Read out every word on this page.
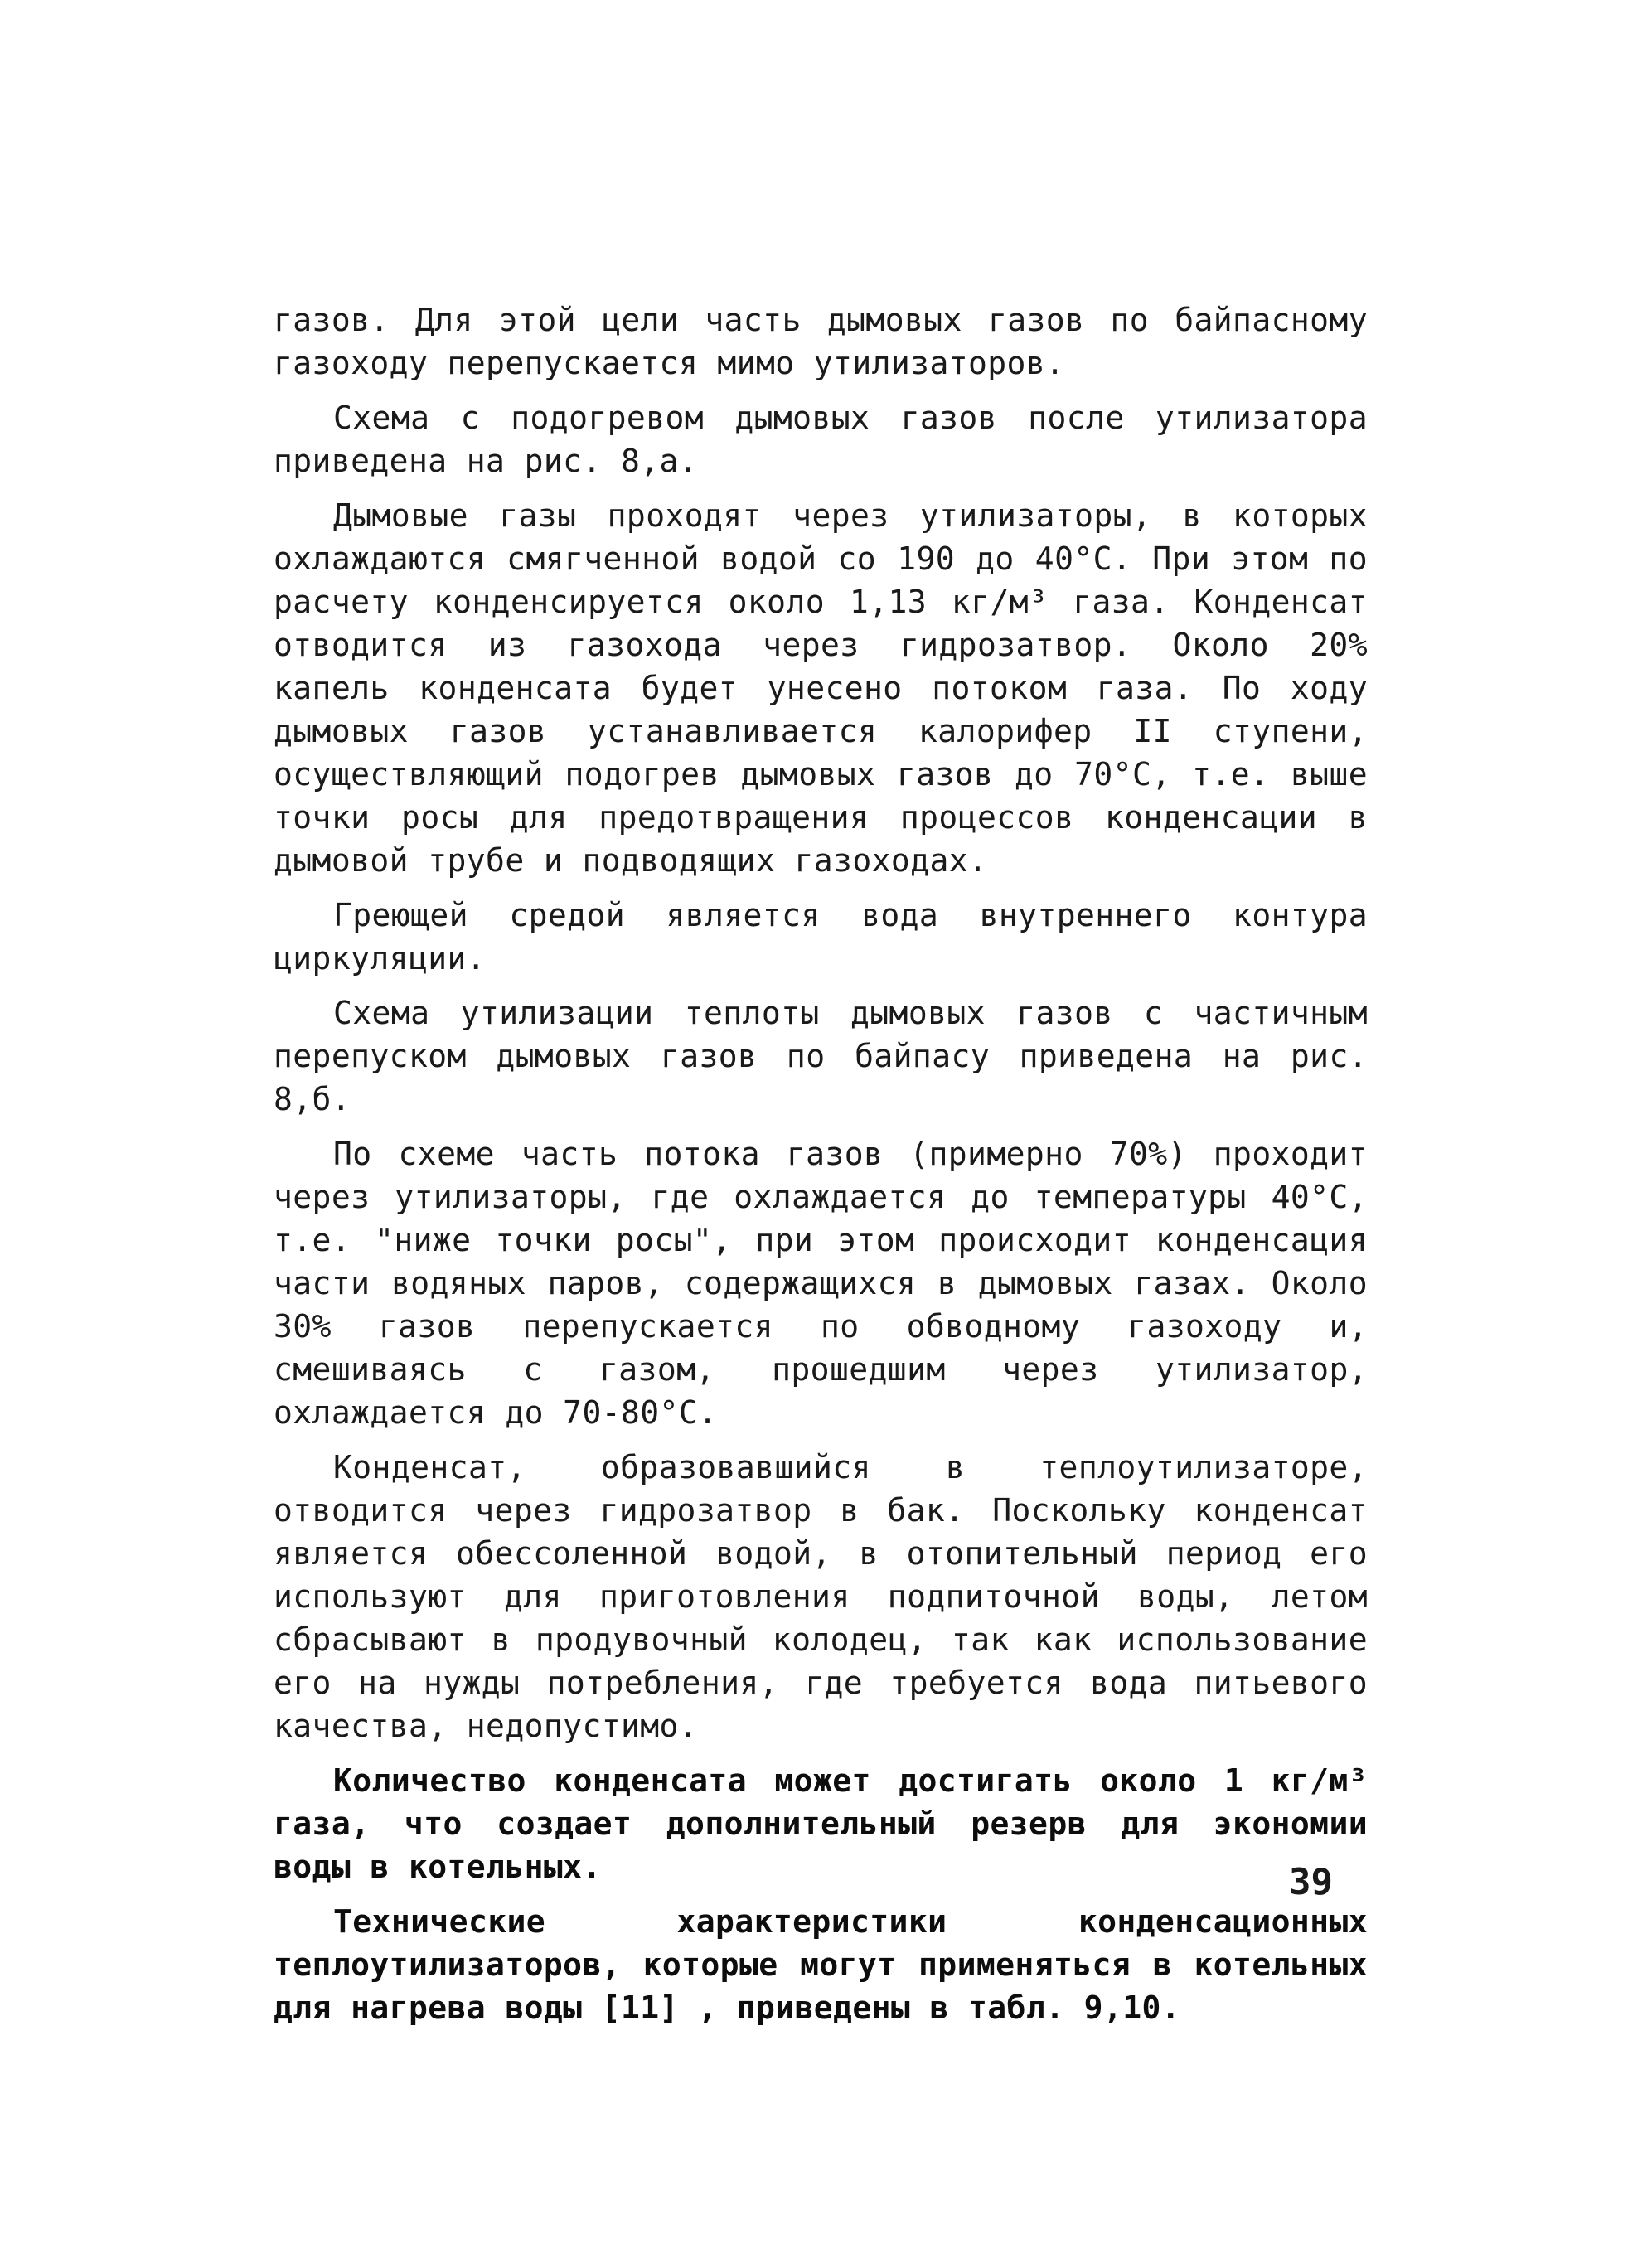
газов. Для этой цели часть дымовых газов по байпасному газоходу перепускается мимо утилизаторов.

Схема с подогревом дымовых газов после утилизатора приведена на рис. 8,а.

Дымовые газы проходят через утилизаторы, в которых охлаждаются смягченной водой со 190 до 40°С. При этом по расчету конденсируется около 1,13 кг/м³ газа. Конденсат отводится из газохода через гидрозатвор. Около 20% капель конденсата будет унесено потоком газа. По ходу дымовых газов устанавливается калорифер II ступени, осуществляющий подогрев дымовых газов до 70°С, т.е. выше точки росы для предотвращения процессов конденсации в дымовой трубе и подводящих газоходах.

Греющей средой является вода внутреннего контура циркуляции.

Схема утилизации теплоты дымовых газов с частичным перепуском дымовых газов по байпасу приведена на рис. 8,б.

По схеме часть потока газов (примерно 70%) проходит через утилизаторы, где охлаждается до температуры 40°С, т.е. "ниже точки росы", при этом происходит конденсация части водяных паров, содержащихся в дымовых газах. Около 30% газов перепускается по обводному газоходу и, смешиваясь с газом, прошедшим через утилизатор, охлаждается до 70-80°С.

Конденсат, образовавшийся в теплоутилизаторе, отводится через гидрозатвор в бак. Поскольку конденсат является обессоленной водой, в отопительный период его используют для приготовления подпиточной воды, летом сбрасывают в продувочный колодец, так как использование его на нужды потребления, где требуется вода питьевого качества, недопустимо.

Количество конденсата может достигать около 1 кг/м³ газа, что создает дополнительный резерв для экономии воды в котельных.

Технические характеристики конденсационных теплоутилизаторов, которые могут применяться в котельных для нагрева воды [11] , приведены в табл. 9,10.

39
